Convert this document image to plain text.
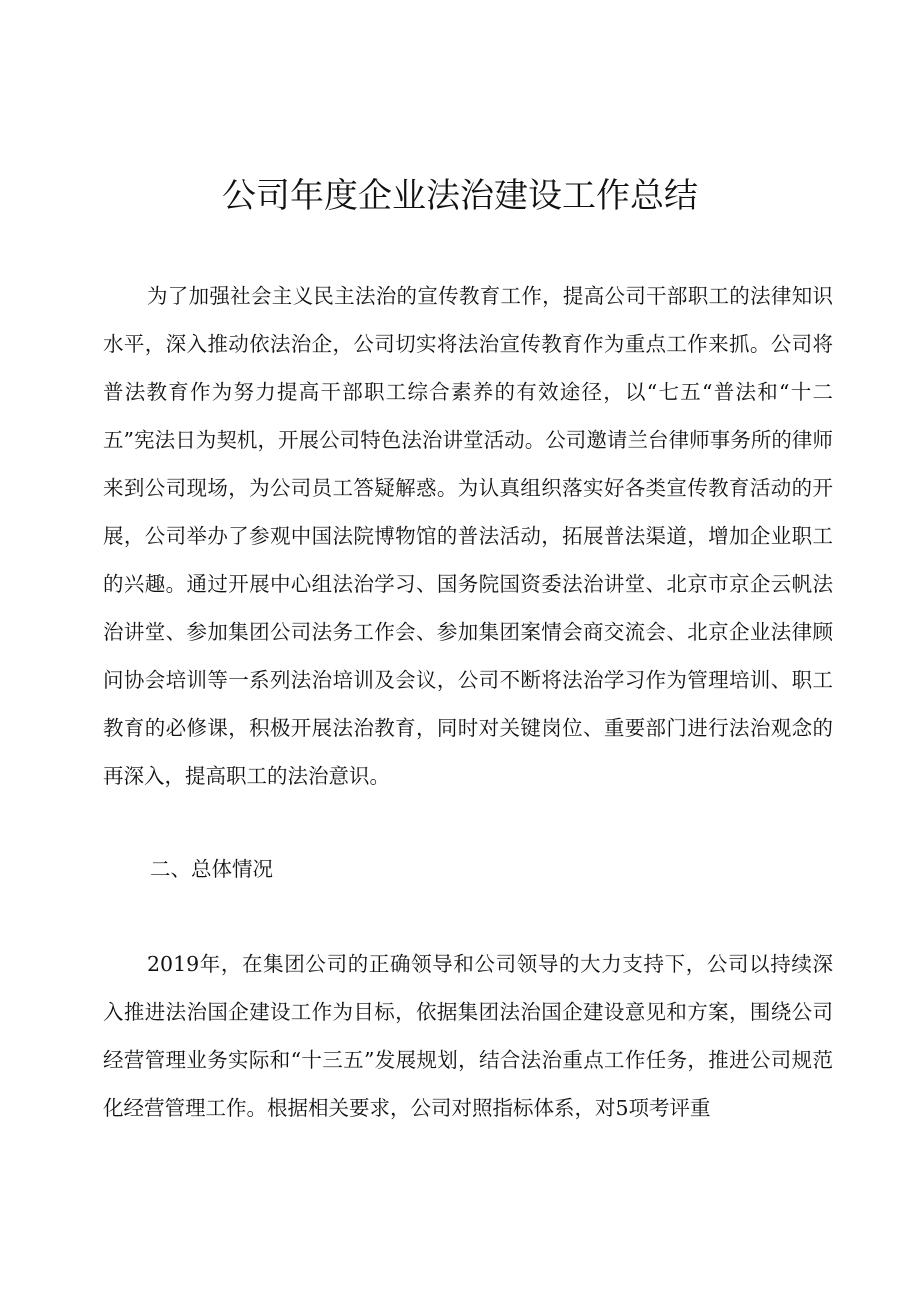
公司年度企业法治建设工作总结

为了加强社会主义民主法治的宣传教育工作，提高公司干部职工的法律知识水平，深入推动依法治企，公司切实将法治宣传教育作为重点工作来抓。公司将普法教育作为努力提高干部职工综合素养的有效途径，以“七五“普法和“十二五”宪法日为契机，开展公司特色法治讲堂活动。公司邀请兰台律师事务所的律师来到公司现场，为公司员工答疑解惑。为认真组织落实好各类宣传教育活动的开展，公司举办了参观中国法院博物馆的普法活动，拓展普法渠道，增加企业职工的兴趣。通过开展中心组法治学习、国务院国资委法治讲堂、北京市京企云帆法治讲堂、参加集团公司法务工作会、参加集团案情会商交流会、北京企业法律顾问协会培训等一系列法治培训及会议，公司不断将法治学习作为管理培训、职工教育的必修课，积极开展法治教育，同时对关键岗位、重要部门进行法治观念的再深入，提高职工的法治意识。

二、总体情况

2019年，在集团公司的正确领导和公司领导的大力支持下，公司以持续深入推进法治国企建设工作为目标，依据集团法治国企建设意见和方案，围绕公司经营管理业务实际和“十三五”发展规划，结合法治重点工作任务，推进公司规范化经营管理工作。根据相关要求，公司对照指标体系，对5项考评重
